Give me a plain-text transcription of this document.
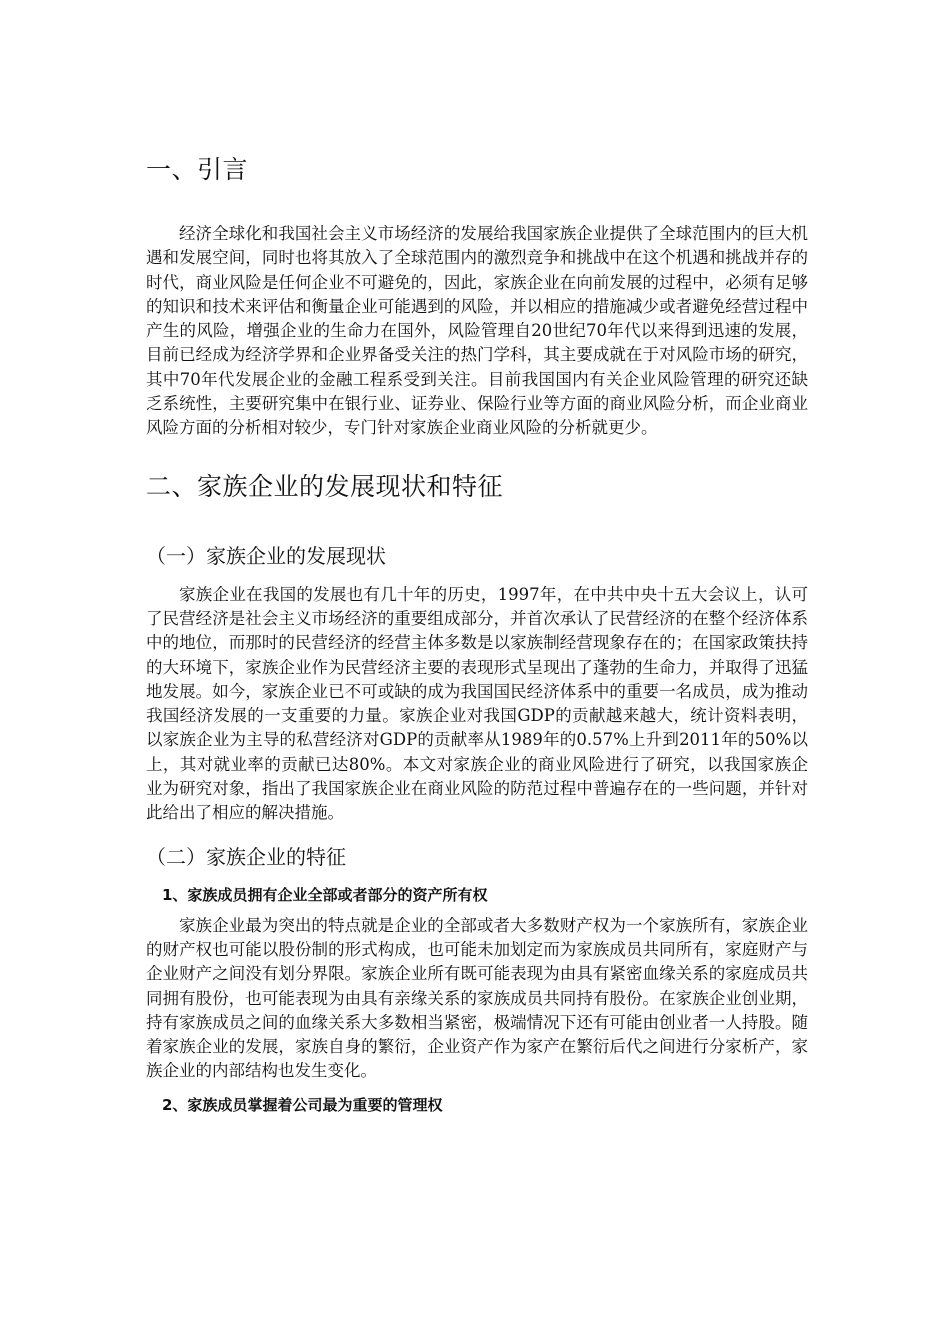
一、引言

经济全球化和我国社会主义市场经济的发展给我国家族企业提供了全球范围内的巨大机遇和发展空间，同时也将其放入了全球范围内的激烈竞争和挑战中在这个机遇和挑战并存的时代，商业风险是任何企业不可避免的，因此，家族企业在向前发展的过程中，必须有足够的知识和技术来评估和衡量企业可能遇到的风险，并以相应的措施减少或者避免经营过程中产生的风险，增强企业的生命力在国外，风险管理自20世纪70年代以来得到迅速的发展，目前已经成为经济学界和企业界备受关注的热门学科，其主要成就在于对风险市场的研究，其中70年代发展企业的金融工程系受到关注。目前我国国内有关企业风险管理的研究还缺乏系统性，主要研究集中在银行业、证券业、保险行业等方面的商业风险分析，而企业商业风险方面的分析相对较少，专门针对家族企业商业风险的分析就更少。

二、家族企业的发展现状和特征
（一）家族企业的发展现状

家族企业在我国的发展也有几十年的历史，1997年，在中共中央十五大会议上，认可了民营经济是社会主义市场经济的重要组成部分，并首次承认了民营经济的在整个经济体系中的地位，而那时的民营经济的经营主体多数是以家族制经营现象存在的；在国家政策扶持的大环境下，家族企业作为民营经济主要的表现形式呈现出了蓬勃的生命力，并取得了迅猛地发展。如今，家族企业已不可或缺的成为我国国民经济体系中的重要一名成员，成为推动我国经济发展的一支重要的力量。家族企业对我国GDP的贡献越来越大，统计资料表明，以家族企业为主导的私营经济对GDP的贡献率从1989年的0.57%上升到2011年的50%以上，其对就业率的贡献已达80%。本文对家族企业的商业风险进行了研究，以我国家族企业为研究对象，指出了我国家族企业在商业风险的防范过程中普遍存在的一些问题，并针对此给出了相应的解决措施。

（二）家族企业的特征
1、家族成员拥有企业全部或者部分的资产所有权

家族企业最为突出的特点就是企业的全部或者大多数财产权为一个家族所有，家族企业的财产权也可能以股份制的形式构成，也可能未加划定而为家族成员共同所有，家庭财产与企业财产之间没有划分界限。家族企业所有既可能表现为由具有紧密血缘关系的家庭成员共同拥有股份，也可能表现为由具有亲缘关系的家族成员共同持有股份。在家族企业创业期，持有家族成员之间的血缘关系大多数相当紧密，极端情况下还有可能由创业者一人持股。随着家族企业的发展，家族自身的繁衍，企业资产作为家产在繁衍后代之间进行分家析产，家族企业的内部结构也发生变化。

2、家族成员掌握着公司最为重要的管理权
